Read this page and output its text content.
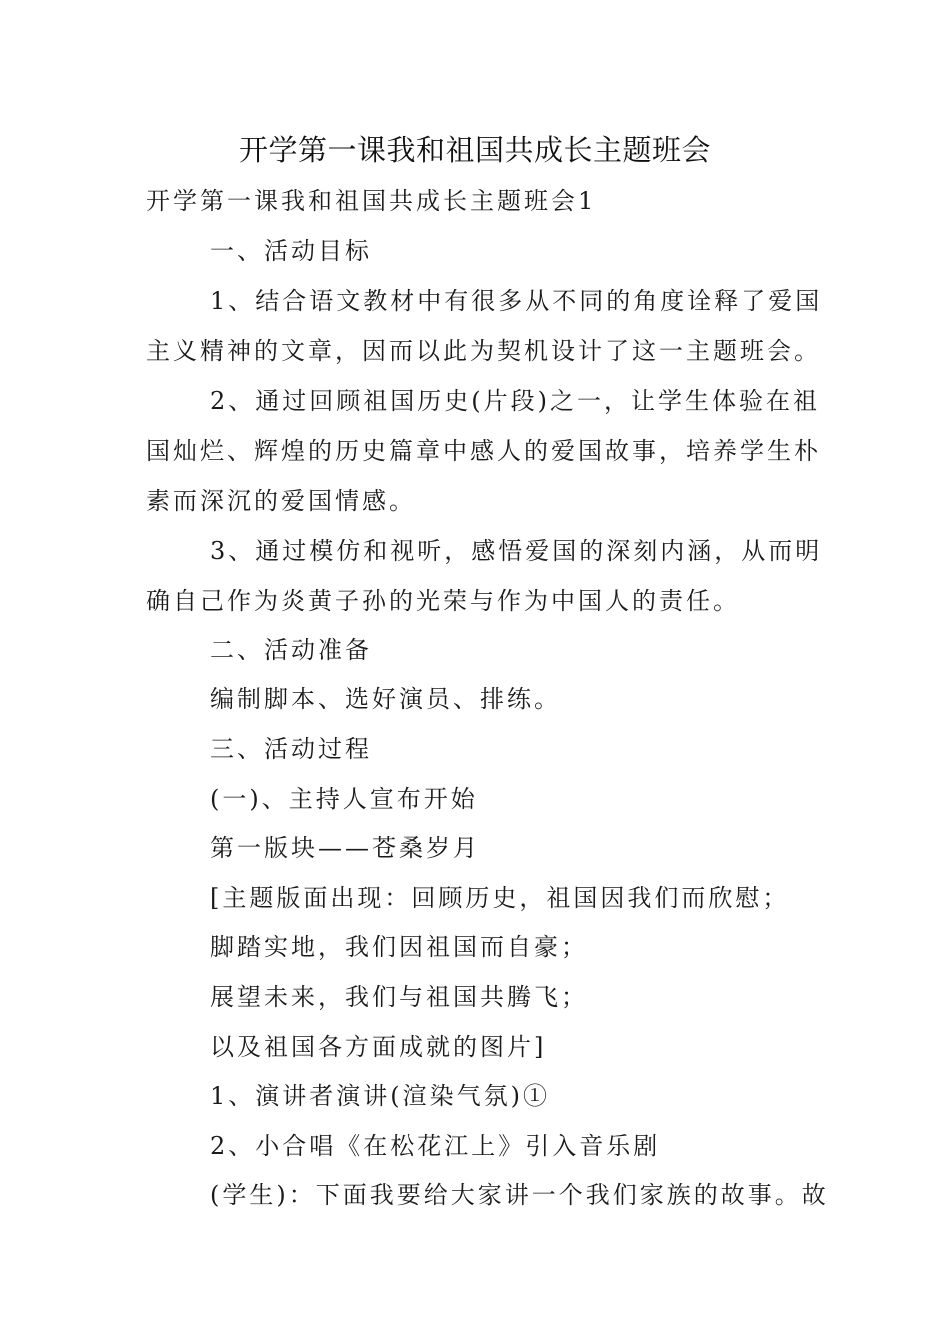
开学第一课我和祖国共成长主题班会
开学第一课我和祖国共成长主题班会1
一、活动目标
1、结合语文教材中有很多从不同的角度诠释了爱国
主义精神的文章，因而以此为契机设计了这一主题班会。
2、通过回顾祖国历史(片段)之一，让学生体验在祖
国灿烂、辉煌的历史篇章中感人的爱国故事，培养学生朴
素而深沉的爱国情感。
3、通过模仿和视听，感悟爱国的深刻内涵，从而明
确自己作为炎黄子孙的光荣与作为中国人的责任。
二、活动准备
编制脚本、选好演员、排练。
三、活动过程
(一)、主持人宣布开始
第一版块——苍桑岁月
[主题版面出现：回顾历史，祖国因我们而欣慰；
脚踏实地，我们因祖国而自豪；
展望未来，我们与祖国共腾飞；
以及祖国各方面成就的图片]
1、演讲者演讲(渲染气氛)①
2、小合唱《在松花江上》引入音乐剧
(学生)：下面我要给大家讲一个我们家族的故事。故
